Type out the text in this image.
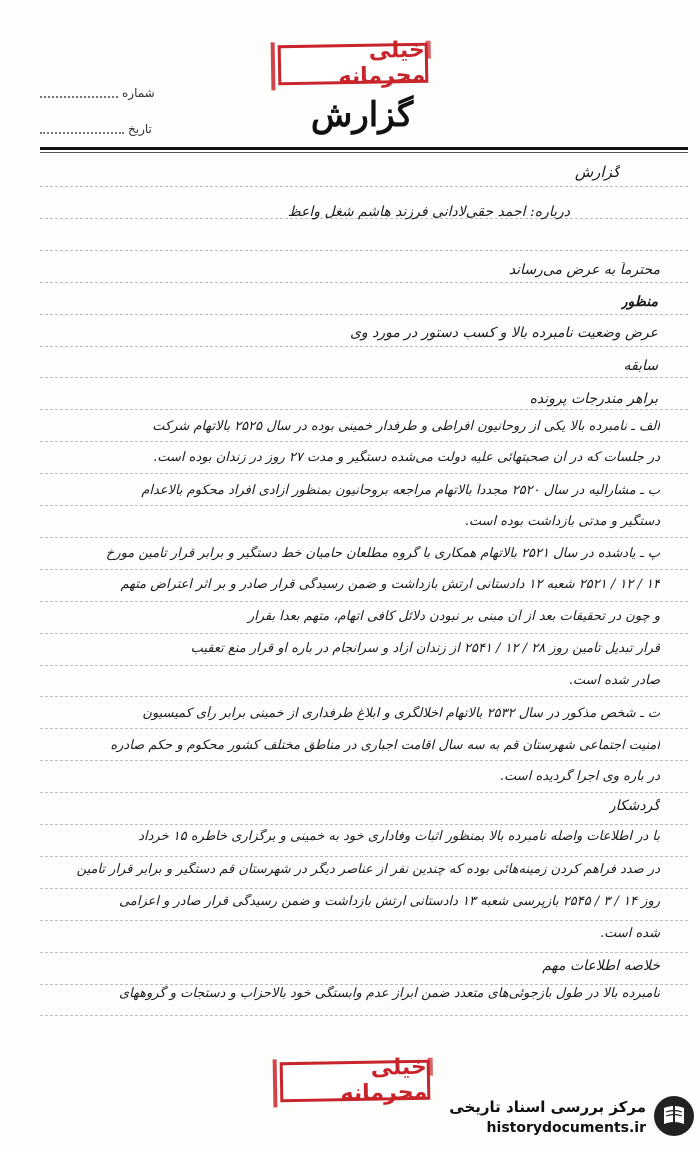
خیلی محرمانه
شماره
تاریخ	گزارش
گزارش
درباره: احمد حقی‌لادانی فرزند هاشم شغل واعظ
محترماً به عرض می‌رساند
منظور
عرض وضعیت نامبرده بالا و کسب دستور در مورد وی
سابقه
براهر مندرجات پرونده
الف ـ نامبرده بالا یکی از روحانیون افراطی و طرفدار خمینی بوده در سال ۲۵۲۵ بالاتهام شرکت
در جلسات که در آن صحبتهائی علیه دولت می‌شده دستگیر و مدت ۲۷ روز در زندان بوده است.
ب ـ مشارالیه در سال ۲۵۲۰ مجدداً بالاتهام مراجعه بروحانیون بمنظور آزادی افراد محکوم بالاعدام
دستگیر و مدتی بازداشت بوده است.
پ ـ یادشده در سال ۲۵۲۱ بالاتهام همکاری با گروه مطلعان حامیان خط دستگیر و برابر قرار تأمین مورخ
۱۴ / ۱۲ / ۲۵۲۱ شعبه ۱۲ دادستانی ارتش بازداشت و ضمن رسیدگی قرار صادر و بر اثر اعتراض متهم
و چون در تحقیقات بعد از آن مبنی بر نبودن دلائل کافی اتهام، متهم بعداً بقرار
قرار تبدیل تأمین روز ۲۸ / ۱۲ / ۲۵۴۱ از زندان آزاد و سرانجام در باره او قرار منع تعقیب
صادر شده است.
ت ـ شخص مذکور در سال ۲۵۳۲ بالاتهام اخلالگری و ابلاغ طرفداری از خمینی برابر رأی کمیسیون
امنیت اجتماعی شهرستان قم به سه سال اقامت اجباری در مناطق مختلف کشور محکوم و حکم صادره
در باره وی اجرا گردیده است.
گردشکار
با در اطلاعات واصله نامبرده بالا بمنظور اثبات وفاداری خود به خمینی و برگزاری خاطره ۱۵ خرداد
در صدد فراهم کردن زمینه‌هائی بوده که چندین نفر از عناصر دیگر در شهرستان قم دستگیر و برابر قرار تأمین
روز ۱۴ / ۳ / ۲۵۴۵ بازپرسی شعبه ۱۳ دادستانی ارتش بازداشت و ضمن رسیدگی قرار صادر و اعزامی
شده است.
خلاصه اطلاعات مهم
نامبرده بالا در طول بازجوئی‌های متعدد ضمن ابراز عدم وابستگی خود بالاحزاب و دستجات و گروههای
خیلی محرمانه
مرکز بررسی اسناد تاریخی
historydocuments.ir
